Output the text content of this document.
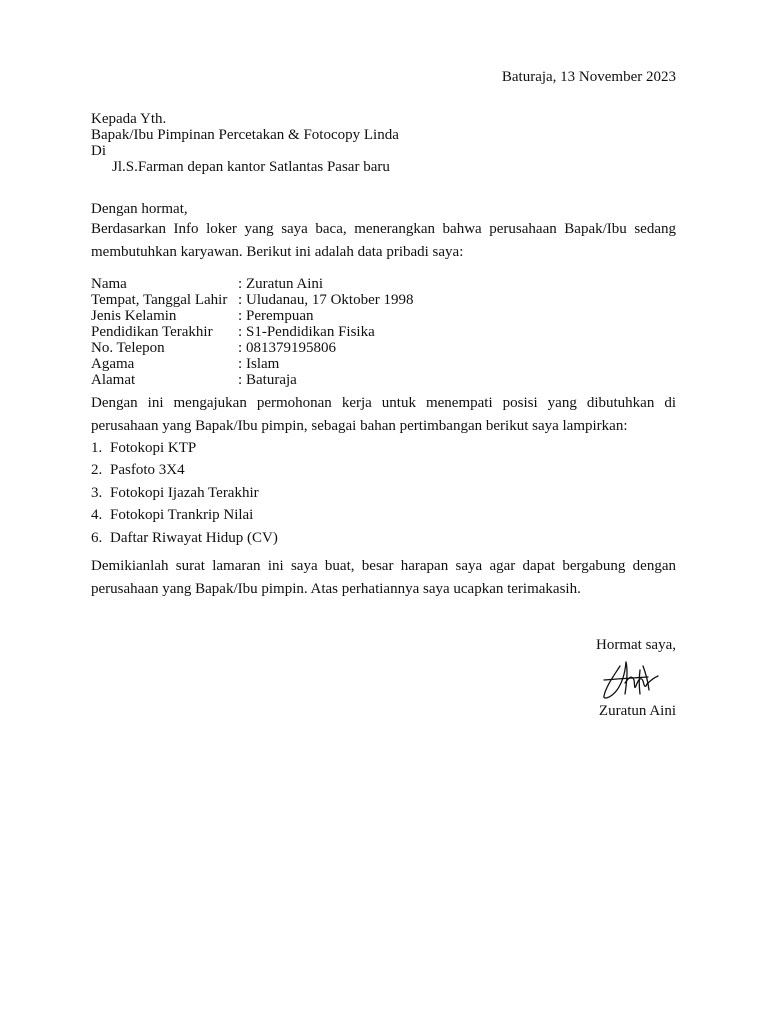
Baturaja, 13 November 2023
Kepada Yth.
Bapak/Ibu Pimpinan Percetakan & Fotocopy Linda
Di
Jl.S.Farman depan kantor Satlantas Pasar baru
Dengan hormat,
Berdasarkan Info loker yang saya baca, menerangkan bahwa perusahaan Bapak/Ibu sedang
membutuhkan karyawan. Berikut ini adalah data pribadi saya:
Nama	: Zuratun Aini
Tempat, Tanggal Lahir : Uludanau, 17 Oktober 1998
Jenis Kelamin	: Perempuan
Pendidikan Terakhir : S1-Pendidikan Fisika
No. Telepon	: 081379195806
Agama	: Islam
Alamat	: Baturaja
Dengan ini mengajukan permohonan kerja untuk menempati posisi yang dibutuhkan di
perusahaan yang Bapak/Ibu pimpin, sebagai bahan pertimbangan berikut saya lampirkan:
1. Fotokopi KTP
2. Pasfoto 3X4
3. Fotokopi Ijazah Terakhir
4. Fotokopi Trankrip Nilai
6. Daftar Riwayat Hidup (CV)
Demikianlah surat lamaran ini saya buat, besar harapan saya agar dapat bergabung dengan
perusahaan yang Bapak/Ibu pimpin. Atas perhatiannya saya ucapkan terimakasih.
Hormat saya,
Zuratun Aini
